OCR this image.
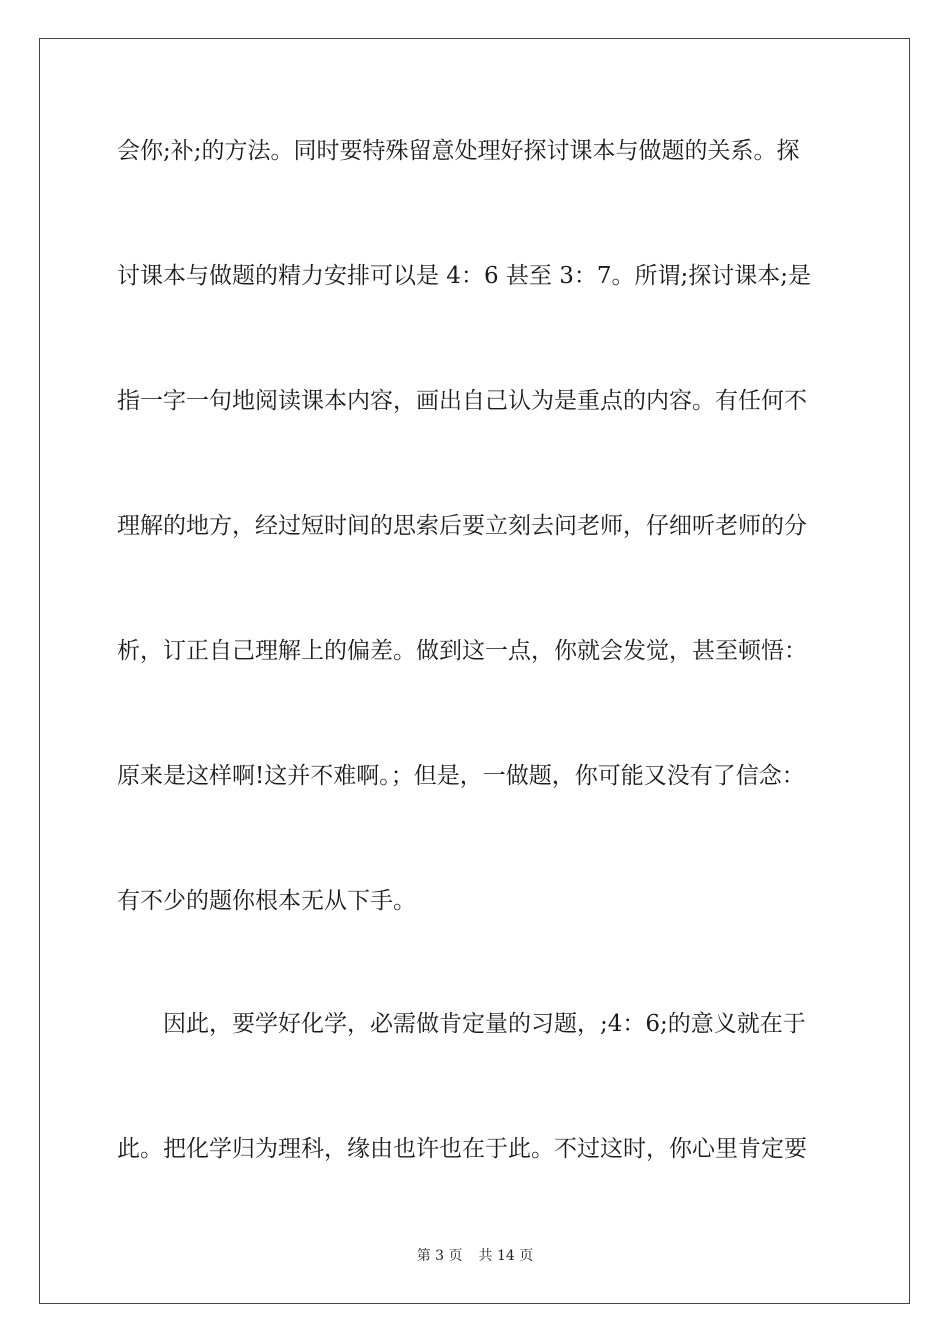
会你;补;的方法。同时要特殊留意处理好探讨课本与做题的关系。探
讨课本与做题的精力安排可以是 4：6 甚至 3：7。所谓;探讨课本;是
指一字一句地阅读课本内容，画出自己认为是重点的内容。有任何不
理解的地方，经过短时间的思索后要立刻去问老师，仔细听老师的分
析，订正自己理解上的偏差。做到这一点，你就会发觉，甚至顿悟：
原来是这样啊!这并不难啊。；但是，一做题，你可能又没有了信念：
有不少的题你根本无从下手。
因此，要学好化学，必需做肯定量的习题，;4：6;的意义就在于
此。把化学归为理科，缘由也许也在于此。不过这时，你心里肯定要
第 3 页 共 14 页
